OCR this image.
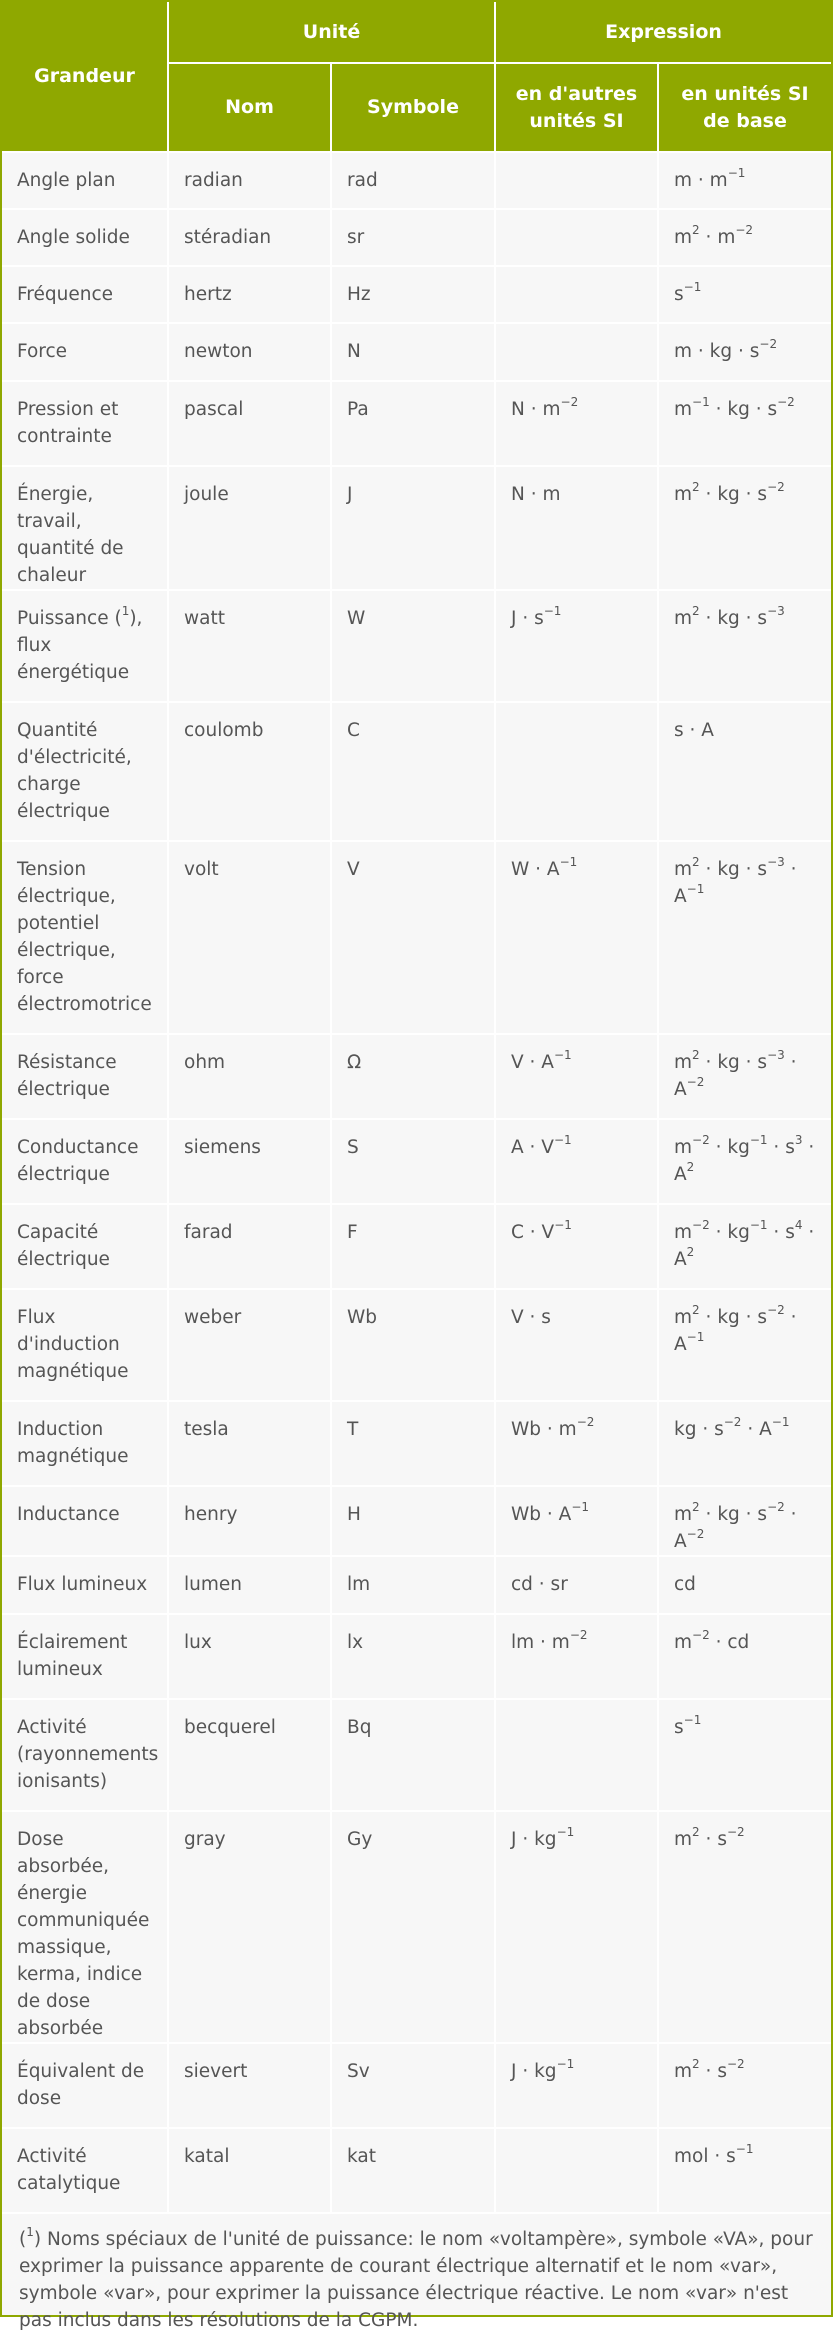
Grandeur	Unité		Expression	
	Nom	Symbole	en d'autres unités SI	en unités SI de base
Angle plan	radian	rad		$m \cdot m^{-1}$
Angle solide	stéradian	sr		$m^2 \cdot m^{-2}$
Fréquence	hertz	Hz		$s^{-1}$
Force	newton	N		m · kg · $s^{-2}$
Pression et contrainte	pascal	Pa	$N \cdot m^{-2}$	$m^{-1}$ · kg · $s^{-2}$
Énergie, travail, quantité de chaleur	joule	J	N · m	$m^2$ · kg · $s^{-2}$
Puissance ($^1$), flux énergétique	watt	W	$J \cdot s^{-1}$	$m^2$ · kg · $s^{-3}$
Quantité d'électricité, charge électrique	coulomb	C		s · A
Tension électrique, potentiel électrique, force électromotrice	volt	V	$W \cdot A^{-1}$	$m^2$ · kg · $s^{-3} \cdot A^{-1}$
Résistance électrique	ohm	Ω	$V \cdot A^{-1}$	$m^2$ · kg · $s^{-3} \cdot A^{-2}$
Conductance électrique	siemens	S	$A \cdot V^{-1}$	$m^{-2} \cdot kg^{-1} \cdot s^3 \cdot A^2$
Capacité électrique	farad	F	$C \cdot V^{-1}$	$m^{-2} \cdot kg^{-1} \cdot s^4 \cdot A^2$
Flux d'induction magnétique	weber	Wb	V · s	$m^2$ · kg · $s^{-2} \cdot A^{-1}$
Induction magnétique	tesla	T	$Wb \cdot m^{-2}$	kg · $s^{-2} \cdot A^{-1}$
Inductance	henry	H	$Wb \cdot A^{-1}$	$m^2$ · kg · $s^{-2} \cdot A^{-2}$
Flux lumineux	lumen	lm	cd · sr	cd
Éclairement lumineux	lux	lx	lm · $m^{-2}$	$m^{-2}$ · cd
Activité (rayonnements ionisants)	becquerel	Bq		$s^{-1}$
Dose absorbée, énergie communiquée massique, kerma, indice de dose absorbée	gray	Gy	$J \cdot kg^{-1}$	$m^2 \cdot s^{-2}$
Équivalent de dose	sievert	Sv	$J \cdot kg^{-1}$	$m^2 \cdot s^{-2}$
Activité catalytique	katal	kat		mol · $s^{-1}$
($^1$) Noms spéciaux de l'unité de puissance: le nom «voltampère», symbole «VA», pour exprimer la puissance apparente de courant électrique alternatif et le nom «var», symbole «var», pour exprimer la puissance électrique réactive. Le nom «var» n'est pas inclus dans les résolutions de la CGPM.
